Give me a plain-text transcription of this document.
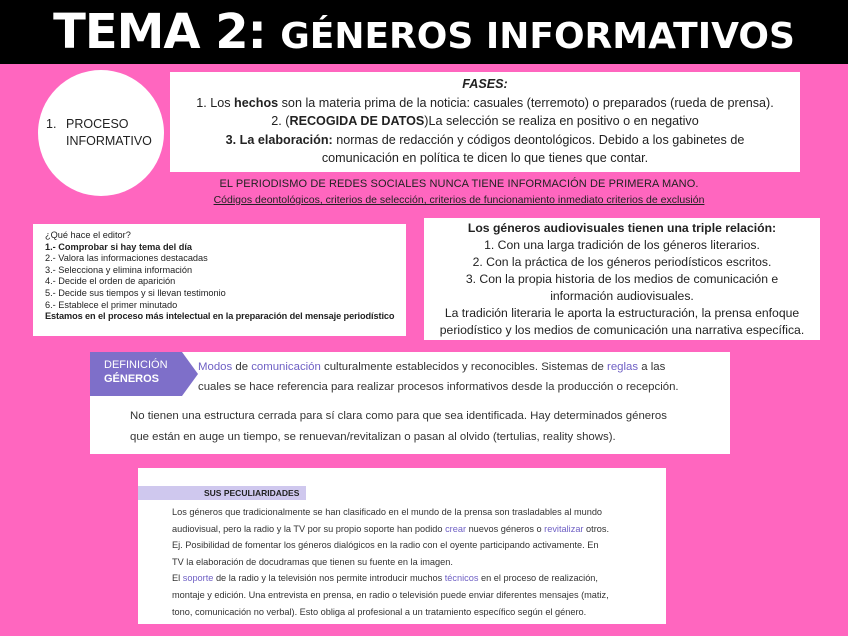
TEMA 2: GÉNEROS INFORMATIVOS
1. PROCESO
INFORMATIVO
FASES:
1. Los hechos son la materia prima de la noticia: casuales (terremoto) o preparados (rueda de prensa).
2. (RECOGIDA DE DATOS)La selección se realiza en positivo o en negativo
3. La elaboración: normas de redacción y códigos deontológicos. Debido a los gabinetes de
comunicación en política te dicen lo que tienes que contar.
EL PERIODISMO DE REDES SOCIALES NUNCA TIENE INFORMACIÓN DE PRIMERA MANO.
Códigos deontológicos, criterios de selección, criterios de funcionamiento inmediato criterios de exclusión
¿Qué hace el editor?
1.- Comprobar si hay tema del día
2.- Valora las informaciones destacadas
3.- Selecciona y elimina información
4.- Decide el orden de aparición
5.- Decide sus tiempos y si llevan testimonio
6.- Establece el primer minutado
Estamos en el proceso más intelectual en la preparación del mensaje periodístico
Los géneros audiovisuales tienen una triple relación:
1. Con una larga tradición de los géneros literarios.
2. Con la práctica de los géneros periodísticos escritos.
3. Con la propia historia de los medios de comunicación e
información audiovisuales.
La tradición literaria le aporta la estructuración, la prensa enfoque
periodístico y los medios de comunicación una narrativa específica.
DEFINICIÓN
GÉNEROS
Modos de comunicación culturalmente establecidos y reconocibles. Sistemas de reglas a las
cuales se hace referencia para realizar procesos informativos desde la producción o recepción.
No tienen una estructura cerrada para sí clara como para que sea identificada. Hay determinados géneros
que están en auge un tiempo, se renuevan/revitalizan o pasan al olvido (tertulias, reality shows).
SUS PECULIARIDADES

Los géneros que tradicionalmente se han clasificado en el mundo de la prensa son trasladables al mundo

audiovisual, pero la radio y la TV por su propio soporte han podido crear nuevos géneros o revitalizar otros.

Ej. Posibilidad de fomentar los géneros dialógicos en la radio con el oyente participando activamente. En

TV la elaboración de docudramas que tienen su fuente en la imagen.

El soporte de la radio y la televisión nos permite introducir muchos técnicos en el proceso de realización,

montaje y edición. Una entrevista en prensa, en radio o televisión puede enviar diferentes mensajes (matiz,

tono, comunicación no verbal). Esto obliga al profesional a un tratamiento específico según el género.
